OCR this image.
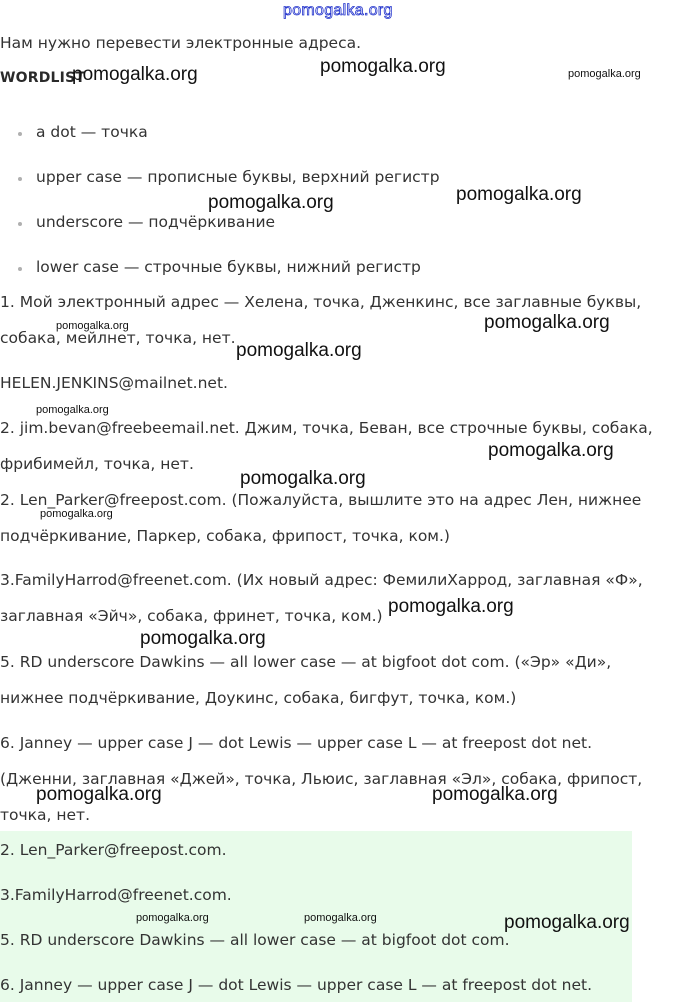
pomogalka.org
Нам нужно перевести электронные адреса.
WORDLIST
a dot — точка
upper case — прописные буквы, верхний регистр
underscore — подчёркивание
lower case — строчные буквы, нижний регистр
1. Мой электронный адрес — Хелена, точка, Дженкинс, все заглавные буквы,
собака, мейлнет, точка, нет.
HELEN.JENKINS@mailnet.net.
2. jim.bevan@freebeemail.net. Джим, точка, Беван, все строчные буквы, собака,
фрибимейл, точка, нет.
2. Len_Parker@freepost.com. (Пожалуйста, вышлите это на адрес Лен, нижнее
подчёркивание, Паркер, собака, фрипост, точка, ком.)
3.FamilyHarrod@freenet.com. (Их новый адрес: ФемилиХаррод, заглавная «Ф»,
заглавная «Эйч», собака, фринет, точка, ком.)
5. RD underscore Dawkins — all lower case — at bigfoot dot com. («Эр» «Ди»,
нижнее подчёркивание, Доукинс, собака, бигфут, точка, ком.)
6. Janney — upper case J — dot Lewis — upper case L — at freepost dot net.
(Дженни, заглавная «Джей», точка, Льюис, заглавная «Эл», собака, фрипост,
точка, нет.
2. Len_Parker@freepost.com.
3.FamilyHarrod@freenet.com.
5. RD underscore Dawkins — all lower case — at bigfoot dot com.
6. Janney — upper case J — dot Lewis — upper case L — at freepost dot net.
pomogalka.org	pomogalka.org	pomogalka.org
pomogalka.org
pomogalka.org
pomogalka.org
pomogalka.org
pomogalka.org
pomogalka.org
pomogalka.org
pomogalka.org
pomogalka.org
pomogalka.org
pomogalka.org
pomogalka.org	pomogalka.org
pomogalka.org	pomogalka.org	pomogalka.org
